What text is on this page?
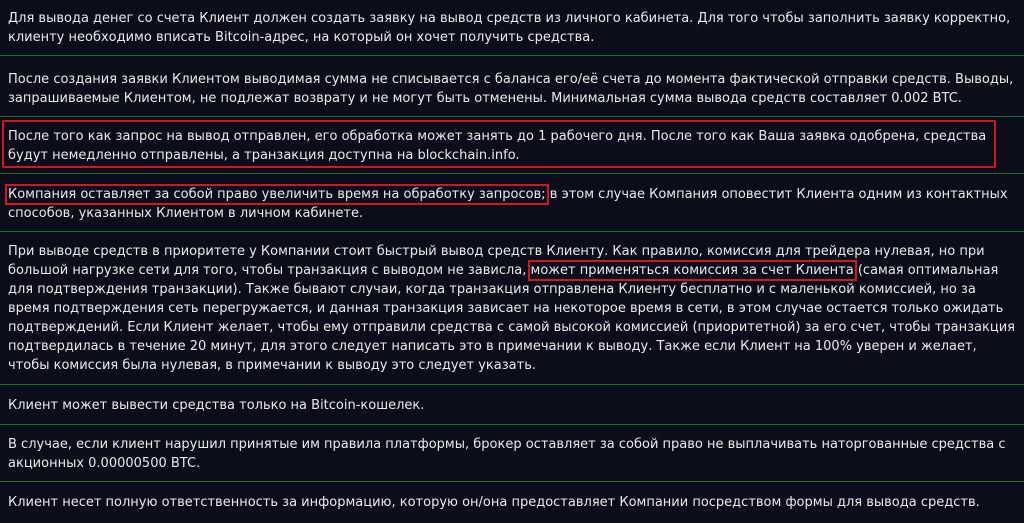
Для вывода денег со счета Клиент должен создать заявку на вывод средств из личного кабинета. Для того чтобы заполнить заявку корректно, клиенту необходимо вписать Bitcoin-адрес, на который он хочет получить средства.

После создания заявки Клиентом выводимая сумма не списывается с баланса его/её счета до момента фактической отправки средств. Выводы, запрашиваемые Клиентом, не подлежат возврату и не могут быть отменены. Минимальная сумма вывода средств составляет 0.002 BTC.

После того как запрос на вывод отправлен, его обработка может занять до 1 рабочего дня. После того как Ваша заявка одобрена, средства будут немедленно отправлены, а транзакция доступна на blockchain.info.

Компания оставляет за собой право увеличить время на обработку запросов; в этом случае Компания оповестит Клиента одним из контактных способов, указанных Клиентом в личном кабинете.

При выводе средств в приоритете у Компании стоит быстрый вывод средств Клиенту. Как правило, комиссия для трейдера нулевая, но при большой нагрузке сети для того, чтобы транзакция с выводом не зависла, может применяться комиссия за счет Клиента (самая оптимальная для подтверждения транзакции). Также бывают случаи, когда транзакция отправлена Клиенту бесплатно и с маленькой комиссией, но за время подтверждения сеть перегружается, и данная транзакция зависает на некоторое время в сети, в этом случае остается только ожидать подтверждений. Если Клиент желает, чтобы ему отправили средства с самой высокой комиссией (приоритетной) за его счет, чтобы транзакция подтвердилась в течение 20 минут, для этого следует написать это в примечании к выводу. Также если Клиент на 100% уверен и желает, чтобы комиссия была нулевая, в примечании к выводу это следует указать.

Клиент может вывести средства только на Bitcoin-кошелек.

В случае, если клиент нарушил принятые им правила платформы, брокер оставляет за собой право не выплачивать наторгованные средства с акционных 0.00000500 BTC.

Клиент несет полную ответственность за информацию, которую он/она предоставляет Компании посредством формы для вывода средств.
